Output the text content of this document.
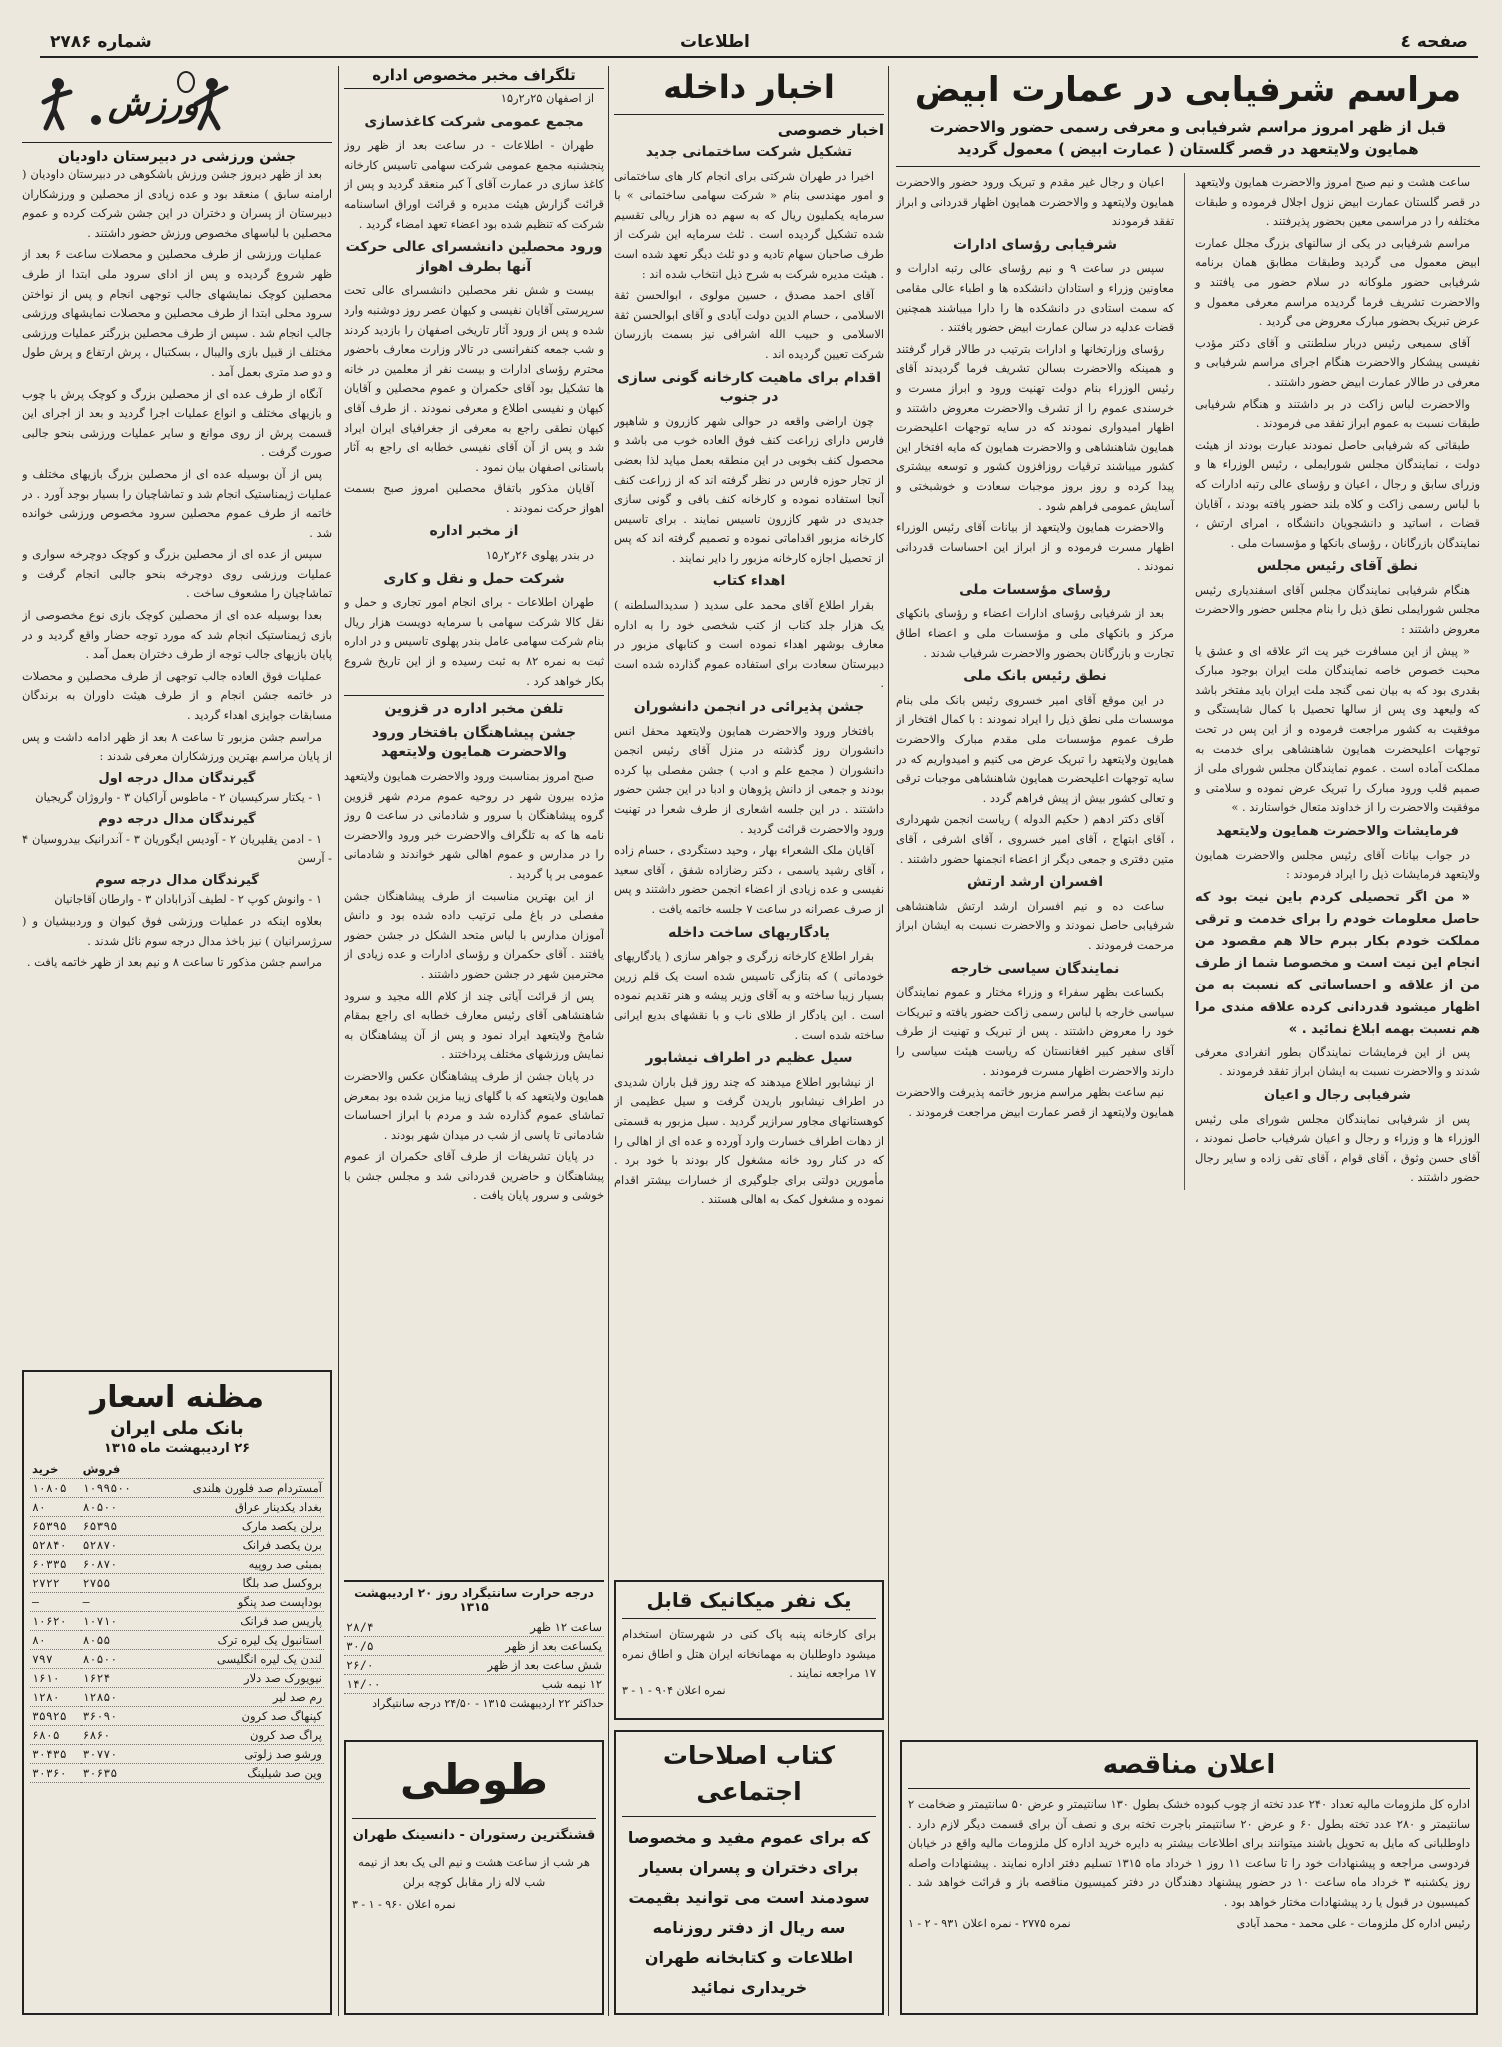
صفحه ٤
اطلاعات
شماره ۲۷۸۶
مراسم شرفیابی در عمارت ابیض
قبل از ظهر امروز مراسم شرفیابی و معرفی رسمی حضور والاحضرت همایون ولایتعهد در قصر گلستان ( عمارت ابیض ) معمول گردید

ساعت هشت و نیم صبح امروز والاحضرت همایون ولایتعهد در قصر گلستان عمارت ابیض نزول اجلال فرموده و طبقات مختلفه را در مراسمی معین بحضور پذیرفتند .

مراسم شرفیابی در یکی از سالنهای بزرگ مجلل عمارت ابیض معمول می گردید وطبقات مطابق همان برنامه شرفیابی حضور ملوکانه در سلام حضور می یافتند و والاحضرت تشریف فرما گردیده مراسم معرفی معمول و عرض تبریک بحضور مبارک معروض می گردید .

آقای سمیعی رئیس دربار سلطنتی و آقای دکتر مؤدب نفیسی پیشکار والاحضرت هنگام اجرای مراسم شرفیابی و معرفی در طالار عمارت ابیض حضور داشتند .

والاحضرت لباس زاکت در بر داشتند و هنگام شرفیابی طبقات نسبت به عموم ابراز تفقد می فرمودند .

طبقاتی که شرفیابی حاصل نمودند عبارت بودند از هیئت دولت ، نمایندگان مجلس شورایملی ، رئیس الوزراء ها و وزرای سابق و رجال ، اعیان و رؤسای عالی رتبه ادارات که با لباس رسمی زاکت و کلاه بلند حضور یافته بودند ، آقایان قضات ، اساتید و دانشجویان دانشگاه ، امرای ارتش ، نمایندگان بازرگانان ، رؤسای بانکها و مؤسسات ملی .

نطق آقای رئیس مجلس

هنگام شرفیابی نمایندگان مجلس آقای اسفندیاری رئیس مجلس شورایملی نطق ذیل را بنام مجلس حضور والاحضرت معروض داشتند :

« پیش از این مسافرت خیر یت اثر علاقه ای و عشق یا محبت خصوص خاصه نمایندگان ملت ایران بوجود مبارک بقدری بود که به بیان نمی گنجد ملت ایران باید مفتخر باشد که ولیعهد وی پس از سالها تحصیل با کمال شایستگی و موفقیت به کشور مراجعت فرموده و از این پس در تحت توجهات اعلیحضرت همایون شاهنشاهی برای خدمت به مملکت آماده است . عموم نمایندگان مجلس شورای ملی از صمیم قلب ورود مبارک را تبریک عرض نموده و سلامتی و موفقیت والاحضرت را از خداوند متعال خواستارند . »

فرمایشات والاحضرت همایون ولایتعهد

در جواب بیانات آقای رئیس مجلس والاحضرت همایون ولایتعهد فرمایشات ذیل را ایراد فرمودند :

« من اگر تحصیلی کردم باین نیت بود که حاصل معلومات خودم را برای خدمت و ترقی مملکت خودم بکار ببرم حالا هم مقصود من انجام این نیت است و مخصوصا شما از طرف من از علاقه و احساساتی که نسبت به من اظهار میشود قدردانی کرده علاقه مندی مرا هم نسبت بهمه ابلاغ نمائید . »

پس از این فرمایشات نمایندگان بطور انفرادی معرفی شدند و والاحضرت نسبت به ایشان ابراز تفقد فرمودند .

شرفیابی رجال و اعیان

پس از شرفیابی نمایندگان مجلس شورای ملی رئیس الوزراء ها و وزراء و رجال و اعیان شرفیاب حاصل نمودند ، آقای حسن وثوق ، آقای قوام ، آقای تقی زاده و سایر رجال حضور داشتند .

اعیان و رجال غیر مقدم و تبریک ورود حضور والاحضرت همایون ولایتعهد و والاحضرت همایون اظهار قدردانی و ابراز تفقد فرمودند

شرفیابی رؤسای ادارات

سپس در ساعت ۹ و نیم رؤسای عالی رتبه ادارات و معاونین وزراء و استادان دانشکده ها و اطباء عالی مقامی که سمت استادی در دانشکده ها را دارا میباشند همچنین قضات عدلیه در سالن عمارت ابیض حضور یافتند .

رؤسای وزارتخانها و ادارات بترتیب در طالار قرار گرفتند و همینکه والاحضرت بسالن تشریف فرما گردیدند آقای رئیس الوزراء بنام دولت تهنیت ورود و ابراز مسرت و خرسندی عموم را از تشرف والاحضرت معروض داشتند و اظهار امیدواری نمودند که در سایه توجهات اعلیحضرت همایون شاهنشاهی و والاحضرت همایون که مایه افتخار این کشور میباشند ترقیات روزافزون کشور و توسعه بیشتری پیدا کرده و روز بروز موجبات سعادت و خوشبختی و آسایش عمومی فراهم شود .

والاحضرت همایون ولایتعهد از بیانات آقای رئیس الوزراء اظهار مسرت فرموده و از ابراز این احساسات قدردانی نمودند .

رؤسای مؤسسات ملی

بعد از شرفیابی رؤسای ادارات اعضاء و رؤسای بانکهای مرکز و بانکهای ملی و مؤسسات ملی و اعضاء اطاق تجارت و بازرگانان بحضور والاحضرت شرفیاب شدند .

نطق رئیس بانک ملی

در این موقع آقای امیر خسروی رئیس بانک ملی بنام موسسات ملی نطق ذیل را ایراد نمودند : با کمال افتخار از طرف عموم مؤسسات ملی مقدم مبارک والاحضرت همایون ولایتعهد را تبریک عرض می کنیم و امیدواریم که در سایه توجهات اعلیحضرت همایون شاهنشاهی موجبات ترقی و تعالی کشور بیش از پیش فراهم گردد .

آقای دکتر ادهم ( حکیم الدوله ) ریاست انجمن شهرداری ، آقای ابتهاج ، آقای امیر خسروی ، آقای اشرفی ، آقای متین دفتری و جمعی دیگر از اعضاء انجمنها حضور داشتند .

افسران ارشد ارتش

ساعت ده و نیم افسران ارشد ارتش شاهنشاهی شرفیابی حاصل نمودند و والاحضرت نسبت به ایشان ابراز مرحمت فرمودند .

نمایندگان سیاسی خارجه

بکساعت بظهر سفراء و وزراء مختار و عموم نمایندگان سیاسی خارجه با لباس رسمی زاکت حضور یافته و تبریکات خود را معروض داشتند . پس از تبریک و تهنیت از طرف آقای سفیر کبیر افغانستان که ریاست هیئت سیاسی را دارند والاحضرت اظهار مسرت فرمودند .

نیم ساعت بظهر مراسم مزبور خاتمه پذیرفت والاحضرت همایون ولایتعهد از قصر عمارت ابیض مراجعت فرمودند .

اعلان مناقصه
اداره کل ملزومات مالیه تعداد ۲۴۰ عدد تخته از چوب کبوده خشک بطول ۱۳۰ سانتیمتر و عرض ۵۰ سانتیمتر و ضخامت ۲ سانتیمتر و ۲۸۰ عدد تخته بطول ۶۰ و عرض ۲۰ سانتیمتر باجرت تخته بری و نصف آن برای قسمت دیگر لازم دارد . داوطلبانی که مایل به تحویل باشند میتوانند برای اطلاعات بیشتر به دایره خرید اداره کل ملزومات مالیه واقع در خیابان فردوسی مراجعه و پیشنهادات خود را تا ساعت ۱۱ روز ۱ خرداد ماه ۱۳۱۵ تسلیم دفتر اداره نمایند . پیشنهادات واصله روز یکشنبه ۳ خرداد ماه ساعت ۱۰ در حضور پیشنهاد دهندگان در دفتر کمیسیون مناقصه باز و قرائت خواهد شد . کمیسیون در قبول یا رد پیشنهادات مختار خواهد بود .
رئیس اداره کل ملزومات - علی محمد - محمد آبادی
نمره ۲۷۷۵ - نمره اعلان ۹۳۱ - ۲ - ۱
اخبار داخله
اخبار خصوصی
تشکیل شرکت ساختمانی جدید

اخیرا در طهران شرکتی برای انجام کار های ساختمانی و امور مهندسی بنام « شرکت سهامی ساختمانی » با سرمایه یکملیون ریال که به سهم ده هزار ریالی تقسیم شده تشکیل گردیده است . ثلث سرمایه این شرکت از طرف صاحبان سهام تادیه و دو ثلث دیگر تعهد شده است . هیئت مدیره شرکت به شرح ذیل انتخاب شده اند :

آقای احمد مصدق ، حسین مولوی ، ابوالحسن ثقة الاسلامی ، حسام الدین دولت آبادی و آقای ابوالحسن ثقة الاسلامی و حبیب الله اشرافی نیز بسمت بازرسان شرکت تعیین گردیده اند .

اقدام برای ماهیت کارخانه گونی سازی در جنوب

چون اراضی واقعه در حوالی شهر کازرون و شاهپور فارس دارای زراعت کنف فوق العاده خوب می باشد و محصول کنف بخوبی در این منطقه بعمل میاید لذا بعضی از تجار حوزه فارس در نظر گرفته اند که از زراعت کنف آنجا استفاده نموده و کارخانه کنف بافی و گونی سازی جدیدی در شهر کازرون تاسیس نمایند . برای تاسیس کارخانه مزبور اقداماتی نموده و تصمیم گرفته اند که پس از تحصیل اجازه کارخانه مزبور را دایر نمایند .

اهداء کتاب

بقرار اطلاع آقای محمد علی سدید ( سدیدالسلطنه ) یک هزار جلد کتاب از کتب شخصی خود را به اداره معارف بوشهر اهداء نموده است و کتابهای مزبور در دبیرستان سعادت برای استفاده عموم گذارده شده است .

جشن پذیرائی در انجمن دانشوران

بافتخار ورود والاحضرت همایون ولایتعهد محفل انس دانشوران روز گذشته در منزل آقای رئیس انجمن دانشوران ( مجمع علم و ادب ) جشن مفصلی بپا کرده بودند و جمعی از دانش پژوهان و ادبا در این جشن حضور داشتند . در این جلسه اشعاری از طرف شعرا در تهنیت ورود والاحضرت قرائت گردید .

آقایان ملک الشعراء بهار ، وحید دستگردی ، حسام زاده ، آقای رشید یاسمی ، دکتر رضازاده شفق ، آقای سعید نفیسی و عده زیادی از اعضاء انجمن حضور داشتند و پس از صرف عصرانه در ساعت ۷ جلسه خاتمه یافت .

یادگاریهای ساخت داخله

بقرار اطلاع کارخانه زرگری و جواهر سازی ( یادگاریهای خودمانی ) که بتازگی تاسیس شده است یک قلم زرین بسیار زیبا ساخته و به آقای وزیر پیشه و هنر تقدیم نموده است . این یادگار از طلای ناب و با نقشهای بدیع ایرانی ساخته شده است .

سیل عظیم در اطراف نیشابور

از نیشابور اطلاع میدهند که چند روز قبل باران شدیدی در اطراف نیشابور باریدن گرفت و سیل عظیمی از کوهستانهای مجاور سرازیر گردید . سیل مزبور به قسمتی از دهات اطراف خسارت وارد آورده و عده ای از اهالی را که در کنار رود خانه مشغول کار بودند با خود برد . مأمورین دولتی برای جلوگیری از خسارات بیشتر اقدام نموده و مشغول کمک به اهالی هستند .

یک نفر میکانیک قابل
برای کارخانه پنبه پاک کنی در شهرستان استخدام میشود داوطلبان به مهمانخانه ایران هتل و اطاق نمره ۱۷ مراجعه نمایند .
نمره اعلان ۹۰۴ - ۱ - ۳
کتاب اصلاحات اجتماعی
که برای عموم مفید و مخصوصا برای دختران و پسران بسیار سودمند است می توانید بقیمت سه ریال از دفتر روزنامه اطلاعات و کتابخانه طهران خریداری نمائید
تلگراف مخبر مخصوص اداره

از اصفهان ۲۵ر۲ر۱۵

مجمع عمومی شرکت کاغذسازی

طهران - اطلاعات - در ساعت بعد از ظهر روز پنجشنبه مجمع عمومی شرکت سهامی تاسیس کارخانه کاغذ سازی در عمارت آقای آ کبر منعقد گردید و پس از قرائت گزارش هیئت مدیره و قرائت اوراق اساسنامه شرکت که تنظیم شده بود اعضاء تعهد امضاء گردید .

ورود محصلین دانشسرای عالی حرکت آنها بطرف اهواز

بیست و شش نفر محصلین دانشسرای عالی تحت سرپرستی آقایان نفیسی و کیهان عصر روز دوشنبه وارد شده و پس از ورود آثار تاریخی اصفهان را بازدید کردند و شب جمعه کنفرانسی در تالار وزارت معارف باحضور محترم رؤسای ادارات و بیست نفر از معلمین در خانه ها تشکیل بود آقای حکمران و عموم محصلین و آقایان کیهان و نفیسی اطلاع و معرفی نمودند . از طرف آقای کیهان نطقی راجع به معرفی از جغرافیای ایران ایراد شد و پس از آن آقای نفیسی خطابه ای راجع به آثار باستانی اصفهان بیان نمود .

آقایان مذکور باتفاق محصلین امروز صبح بسمت اهواز حرکت نمودند .

از مخبر اداره

در بندر پهلوی ۲۶ر۲ر۱۵

شرکت حمل و نقل و کاری

طهران اطلاعات - برای انجام امور تجاری و حمل و نقل کالا شرکت سهامی با سرمایه دویست هزار ریال بنام شرکت سهامی عامل بندر پهلوی تاسیس و در اداره ثبت به نمره ۸۲ به ثبت رسیده و از این تاریخ شروع بکار خواهد کرد .

تلفن مخبر اداره در قزوین
جشن پیشاهنگان بافتخار ورود والاحضرت همایون ولایتعهد

صبح امروز بمناسبت ورود والاحضرت همایون ولایتعهد مژده بیرون شهر در روحیه عموم مردم شهر قزوین گروه پیشاهنگان با سرور و شادمانی در ساعت ۵ روز نامه ها که به تلگراف والاحضرت خبر ورود والاحضرت را در مدارس و عموم اهالی شهر خواندند و شادمانی عمومی بر پا گردید .

از این بهترین مناسبت از طرف پیشاهنگان جشن مفصلی در باغ ملی ترتیب داده شده بود و دانش آموزان مدارس با لباس متحد الشکل در جشن حضور یافتند . آقای حکمران و رؤسای ادارات و عده زیادی از محترمین شهر در جشن حضور داشتند .

پس از قرائت آیاتی چند از کلام الله مجید و سرود شاهنشاهی آقای رئیس معارف خطابه ای راجع بمقام شامخ ولایتعهد ایراد نمود و پس از آن پیشاهنگان به نمایش ورزشهای مختلف پرداختند .

در پایان جشن از طرف پیشاهنگان عکس والاحضرت همایون ولایتعهد که با گلهای زیبا مزین شده بود بمعرض تماشای عموم گذارده شد و مردم با ابراز احساسات شادمانی تا پاسی از شب در میدان شهر بودند .

در پایان تشریفات از طرف آقای حکمران از عموم پیشاهنگان و حاضرین قدردانی شد و مجلس جشن با خوشی و سرور پایان یافت .

درجه حرارت سانتیگراد روز ۲۰ اردیبهشت ۱۳۱۵
ساعت ۱۲ ظهر	۲۸/۴
یکساعت بعد از ظهر	۳۰/۵
شش ساعت بعد از ظهر	۲۶/۰
۱۲ نیمه شب	۱۴/۰۰
حداکثر ۲۲ اردیبهشت ۱۳۱۵ - ۲۴/۵۰ درجه سانتیگراد
طوطی
قشنگترین رستوران - دانسینک طهران
هر شب از ساعت هشت و نیم الی یک بعد از نیمه شب لاله زار مقابل کوچه برلن
نمره اعلان ۹۶۰ - ۱ - ۳
ورزش
جشن ورزشی در دبیرستان داودیان

بعد از ظهر دیروز جشن ورزش باشکوهی در دبیرستان داودیان ( ارامنه سابق ) منعقد بود و عده زیادی از محصلین و ورزشکاران دبیرستان از پسران و دختران در این جشن شرکت کرده و عموم محصلین با لباسهای مخصوص ورزش حضور داشتند .

عملیات ورزشی از طرف محصلین و محصلات ساعت ۶ بعد از ظهر شروع گردیده و پس از ادای سرود ملی ابتدا از طرف محصلین کوچک نمایشهای جالب توجهی انجام و پس از نواختن سرود محلی ابتدا از طرف محصلین و محصلات نمایشهای ورزشی جالب انجام شد . سپس از طرف محصلین بزرگتر عملیات ورزشی مختلف از قبیل بازی والیبال ، بسکتبال ، پرش ارتفاع و پرش طول و دو صد متری بعمل آمد .

آنگاه از طرف عده ای از محصلین بزرگ و کوچک پرش با چوب و بازیهای مختلف و انواع عملیات اجرا گردید و بعد از اجرای این قسمت پرش از روی موانع و سایر عملیات ورزشی بنحو جالبی صورت گرفت .

پس از آن بوسیله عده ای از محصلین بزرگ بازیهای مختلف و عملیات ژیمناستیک انجام شد و تماشاچیان را بسیار بوجد آورد . در خاتمه از طرف عموم محصلین سرود مخصوص ورزشی خوانده شد .

سپس از عده ای از محصلین بزرگ و کوچک دوچرخه سواری و عملیات ورزشی روی دوچرخه بنحو جالبی انجام گرفت و تماشاچیان را مشعوف ساخت .

بعدا بوسیله عده ای از محصلین کوچک بازی نوع مخصوصی از بازی ژیمناستیک انجام شد که مورد توجه حضار واقع گردید و در پایان بازیهای جالب توجه از طرف دختران بعمل آمد .

عملیات فوق العاده جالب توجهی از طرف محصلین و محصلات در خاتمه جشن انجام و از طرف هیئت داوران به برندگان مسابقات جوایزی اهداء گردید .

مراسم جشن مزبور تا ساعت ۸ بعد از ظهر ادامه داشت و پس از پایان مراسم بهترین ورزشکاران معرفی شدند :

گیرندگان مدال درجه اول

۱ - یکتار سرکیسیان ۲ - ماطوس آراکیان ۳ - واروژان گریجیان

گیرندگان مدال درجه دوم

۱ - ادمن یقلیریان ۲ - آودیس ایگوریان ۳ - آندرانیک بیدروسیان ۴ - آرسن

گیرندگان مدال درجه سوم

۱ - وانوش کوپ ۲ - لطیف آذرابادان ۳ - وارطان آقاجانیان

بعلاوه اینکه در عملیات ورزشی فوق کیوان و وردبیشیان و ( سرژسرانیان ) نیز باخذ مدال درجه سوم نائل شدند .

مراسم جشن مذکور تا ساعت ۸ و نیم بعد از ظهر خاتمه یافت .

مظنه اسعار
بانک ملی ایران
۲۶ اردیبهشت ماه ۱۳۱۵
	فروش	خرید
آمستردام صد فلورن هلندی	۱۰۹۹۵۰۰	۱۰۸۰۵
بغداد یکدینار عراق	۸۰۵۰۰	۸۰
برلن یکصد مارک	۶۵۳۹۵	۶۵۳۹۵
برن یکصد فرانک	۵۲۸۷۰	۵۲۸۴۰
بمبئی صد روپیه	۶۰۸۷۰	۶۰۳۳۵
بروکسل صد بلگا	۲۷۵۵	۲۷۲۲
بوداپست صد پنگو	—	—
پاریس صد فرانک	۱۰۷۱۰	۱۰۶۲۰
استانبول یک لیره ترک	۸۰۵۵	۸۰
لندن یک لیره انگلیسی	۸۰۵۰۰	۷۹۷
نیویورک صد دلار	۱۶۲۴	۱۶۱۰
رم صد لیر	۱۲۸۵۰	۱۲۸۰
کپنهاگ صد کرون	۳۶۰۹۰	۳۵۹۲۵
پراگ صد کرون	۶۸۶۰	۶۸۰۵
ورشو صد زلوتی	۳۰۷۷۰	۳۰۴۳۵
وین صد شیلینگ	۳۰۶۳۵	۳۰۳۶۰
